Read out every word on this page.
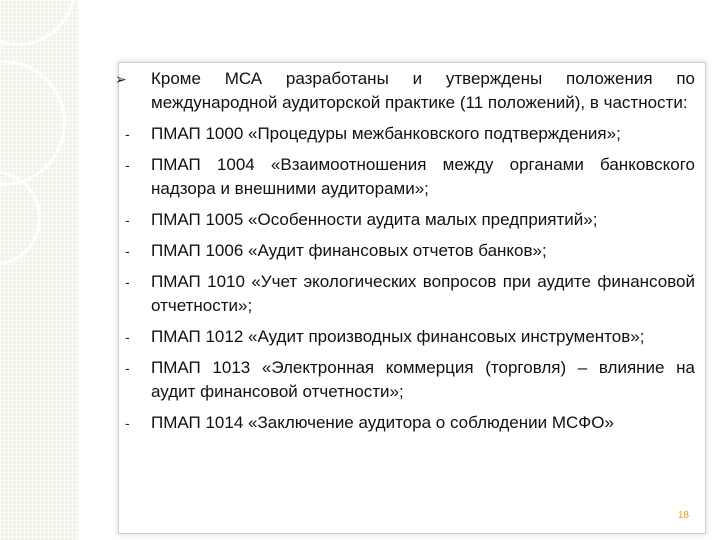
➢ Кроме МСА разработаны и утверждены положения по международной аудиторской практике (11 положений), в частности:
- ПМАП 1000 «Процедуры межбанковского подтверждения»;
- ПМАП 1004 «Взаимоотношения между органами банковского надзора и внешними аудиторами»;
- ПМАП 1005 «Особенности аудита малых предприятий»;
- ПМАП 1006 «Аудит финансовых отчетов банков»;
- ПМАП 1010 «Учет экологических вопросов при аудите финансовой отчетности»;
- ПМАП 1012 «Аудит производных финансовых инструментов»;
- ПМАП 1013 «Электронная коммерция (торговля) – влияние на аудит финансовой отчетности»;
- ПМАП 1014 «Заключение аудитора о соблюдении МСФО»
18
